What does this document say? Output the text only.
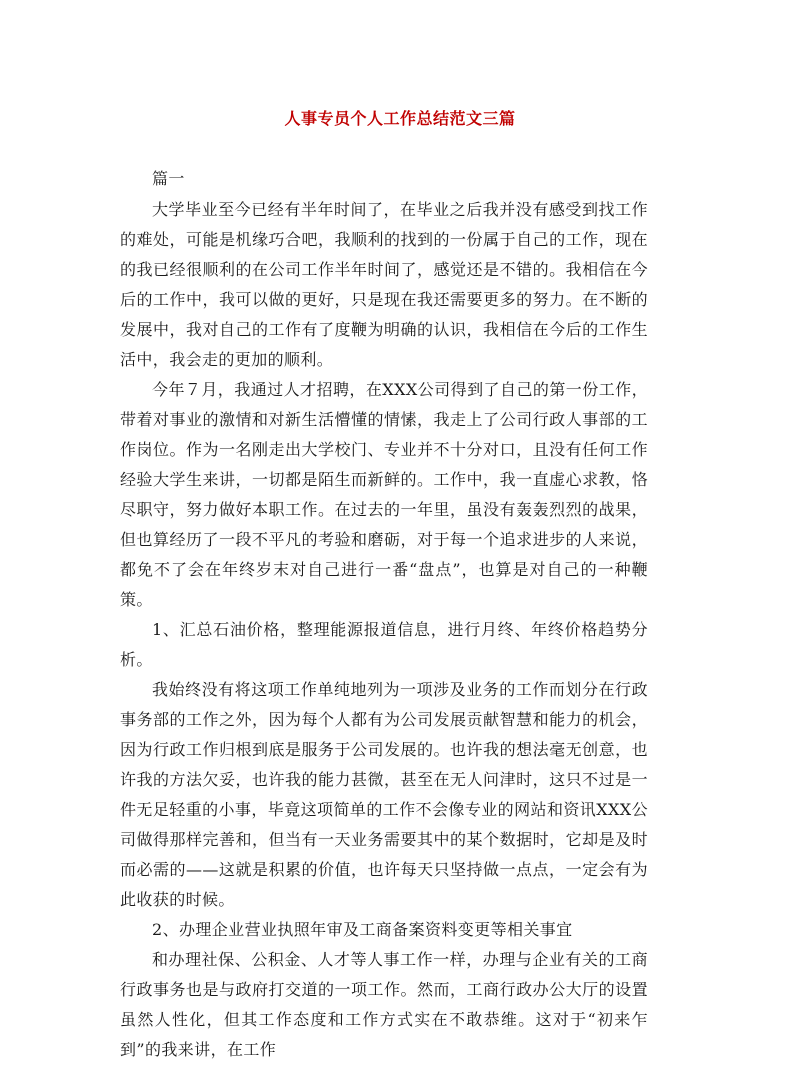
人事专员个人工作总结范文三篇

篇一

大学毕业至今已经有半年时间了，在毕业之后我并没有感受到找工作的难处，可能是机缘巧合吧，我顺利的找到的一份属于自己的工作，现在的我已经很顺利的在公司工作半年时间了，感觉还是不错的。我相信在今后的工作中，我可以做的更好，只是现在我还需要更多的努力。在不断的发展中，我对自己的工作有了度鞭为明确的认识，我相信在今后的工作生活中，我会走的更加的顺利。

今年７月，我通过人才招聘，在XXX公司得到了自己的第一份工作，带着对事业的激情和对新生活懵懂的情愫，我走上了公司行政人事部的工作岗位。作为一名刚走出大学校门、专业并不十分对口，且没有任何工作经验大学生来讲，一切都是陌生而新鲜的。工作中，我一直虚心求教，恪尽职守，努力做好本职工作。在过去的一年里，虽没有轰轰烈烈的战果，但也算经历了一段不平凡的考验和磨砺，对于每一个追求进步的人来说，都免不了会在年终岁末对自己进行一番“盘点”，也算是对自己的一种鞭策。

1、汇总石油价格，整理能源报道信息，进行月终、年终价格趋势分析。

我始终没有将这项工作单纯地列为一项涉及业务的工作而划分在行政事务部的工作之外，因为每个人都有为公司发展贡献智慧和能力的机会，因为行政工作归根到底是服务于公司发展的。也许我的想法毫无创意，也许我的方法欠妥，也许我的能力甚微，甚至在无人问津时，这只不过是一件无足轻重的小事，毕竟这项简单的工作不会像专业的网站和资讯XXX公司做得那样完善和，但当有一天业务需要其中的某个数据时，它却是及时而必需的——这就是积累的价值，也许每天只坚持做一点点，一定会有为此收获的时候。

2、办理企业营业执照年审及工商备案资料变更等相关事宜

和办理社保、公积金、人才等人事工作一样，办理与企业有关的工商行政事务也是与政府打交道的一项工作。然而，工商行政办公大厅的设置虽然人性化，但其工作态度和工作方式实在不敢恭维。这对于“初来乍到”的我来讲，在工作
